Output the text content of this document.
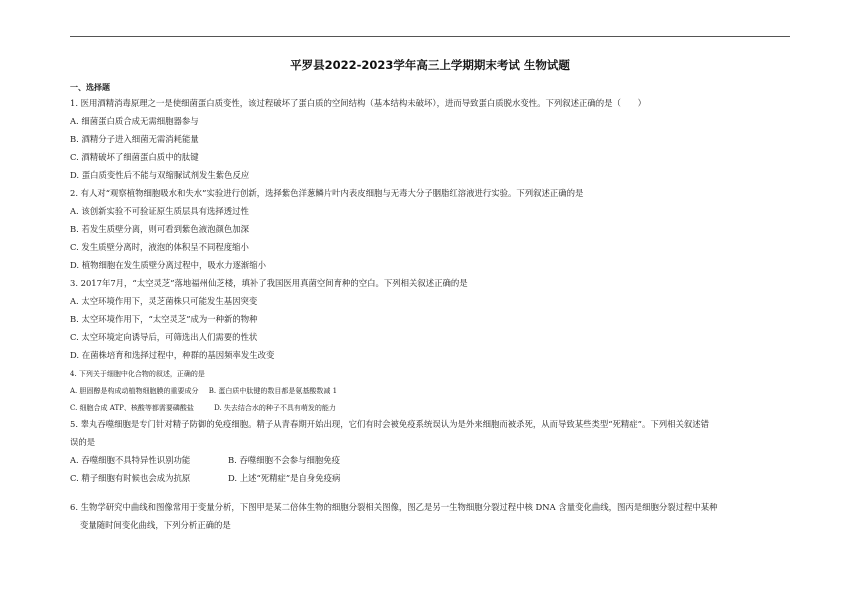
平罗县2022-2023学年高三上学期期末考试 生物试题
一、选择题
1. 医用酒精消毒原理之一是使细菌蛋白质变性，该过程破坏了蛋白质的空间结构（基本结构未破坏），进而导致蛋白质脱水变性。下列叙述正确的是（　　）
A. 细菌蛋白质合成无需细胞器参与
B. 酒精分子进入细菌无需消耗能量
C. 酒精破坏了细菌蛋白质中的肽键
D. 蛋白质变性后不能与双缩脲试剂发生紫色反应
2. 有人对“观察植物细胞吸水和失水”实验进行创新，选择紫色洋葱鳞片叶内表皮细胞与无毒大分子胭脂红溶液进行实验。下列叙述正确的是
A. 该创新实验不可验证原生质层具有选择透过性
B. 若发生质壁分离，则可看到紫色液泡颜色加深
C. 发生质壁分离时，液泡的体积呈不同程度缩小
D. 植物细胞在发生质壁分离过程中，吸水力逐渐缩小
3. 2017年7月，“太空灵芝”落地福州仙芝楼，填补了我国医用真菌空间育种的空白。下列相关叙述正确的是
A. 太空环境作用下，灵芝菌株只可能发生基因突变
B. 太空环境作用下，“太空灵芝”成为一种新的物种
C. 太空环境定向诱导后，可筛选出人们需要的性状
D. 在菌株培育和选择过程中，种群的基因频率发生改变
4. 下列关于细胞中化合物的叙述，正确的是
A. 胆固醇是构成动植物细胞膜的重要成分 B. 蛋白质中肽键的数目都是氨基酸数减 1
C. 细胞合成 ATP、核酸等都需要磷酸盐	D. 失去结合水的种子不具有萌发的能力
5. 睾丸吞噬细胞是专门针对精子防御的免疫细胞。精子从青春期开始出现，它们有时会被免疫系统误认为是外来细胞而被杀死，从而导致某些类型“死精症”。下列相关叙述错
误的是
A. 吞噬细胞不具特异性识别功能	B. 吞噬细胞不会参与细胞免疫
C. 精子细胞有时候也会成为抗原	D. 上述“死精症”是自身免疫病
6. 生物学研究中曲线和图像常用于变量分析，下图甲是某二倍体生物的细胞分裂相关图像，图乙是另一生物细胞分裂过程中核 DNA 含量变化曲线，图丙是细胞分裂过程中某种
变量随时间变化曲线，下列分析正确的是
